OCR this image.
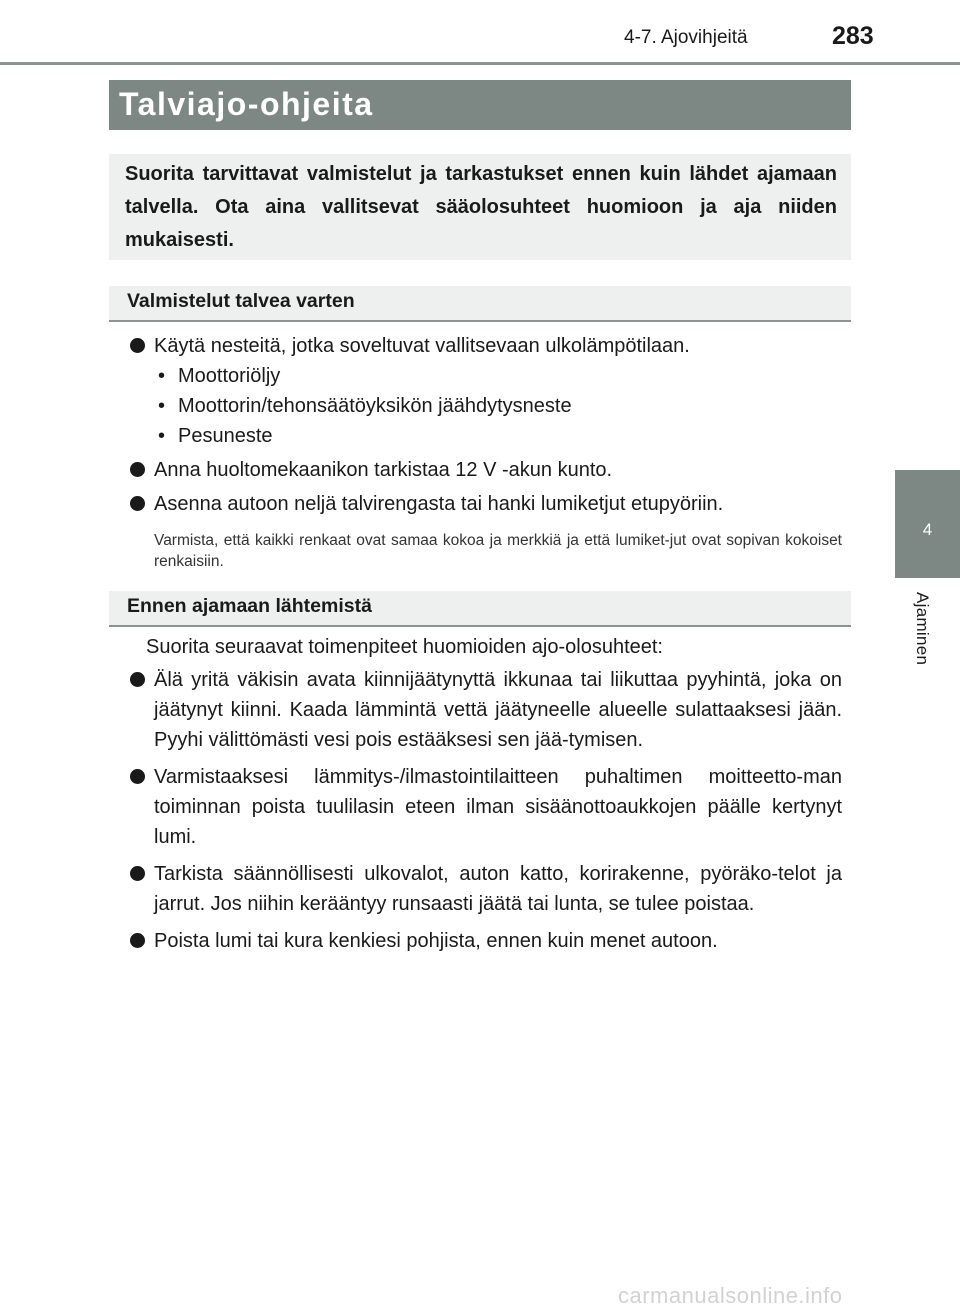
4-7. Ajovihjeitä	283
4
Ajaminen
Talviajo-ohjeita
Suorita tarvittavat valmistelut ja tarkastukset ennen kuin lähdet ajamaan talvella. Ota aina vallitsevat sääolosuhteet huomioon ja aja niiden mukaisesti.
Valmistelut talvea varten
Käytä nesteitä, jotka soveltuvat vallitsevaan ulkolämpötilaan.
• Moottoriöljy
• Moottorin/tehonsäätöyksikön jäähdytysneste
• Pesuneste
Anna huoltomekaanikon tarkistaa 12 V -akun kunto.
Asenna autoon neljä talvirengasta tai hanki lumiketjut etupyöriin.
Varmista, että kaikki renkaat ovat samaa kokoa ja merkkiä ja että lumiket-jut ovat sopivan kokoiset renkaisiin.
Ennen ajamaan lähtemistä
Suorita seuraavat toimenpiteet huomioiden ajo-olosuhteet:
Älä yritä väkisin avata kiinnijäätynyttä ikkunaa tai liikuttaa pyyhintä, joka on jäätynyt kiinni. Kaada lämmintä vettä jäätyneelle alueelle sulattaaksesi jään. Pyyhi välittömästi vesi pois estääksesi sen jää-tymisen.
Varmistaaksesi lämmitys-/ilmastointilaitteen puhaltimen moitteetto-man toiminnan poista tuulilasin eteen ilman sisäänottoaukkojen päälle kertynyt lumi.
Tarkista säännöllisesti ulkovalot, auton katto, korirakenne, pyöräko-telot ja jarrut. Jos niihin kerääntyy runsaasti jäätä tai lunta, se tulee poistaa.
Poista lumi tai kura kenkiesi pohjista, ennen kuin menet autoon.
carmanualsonline.info
